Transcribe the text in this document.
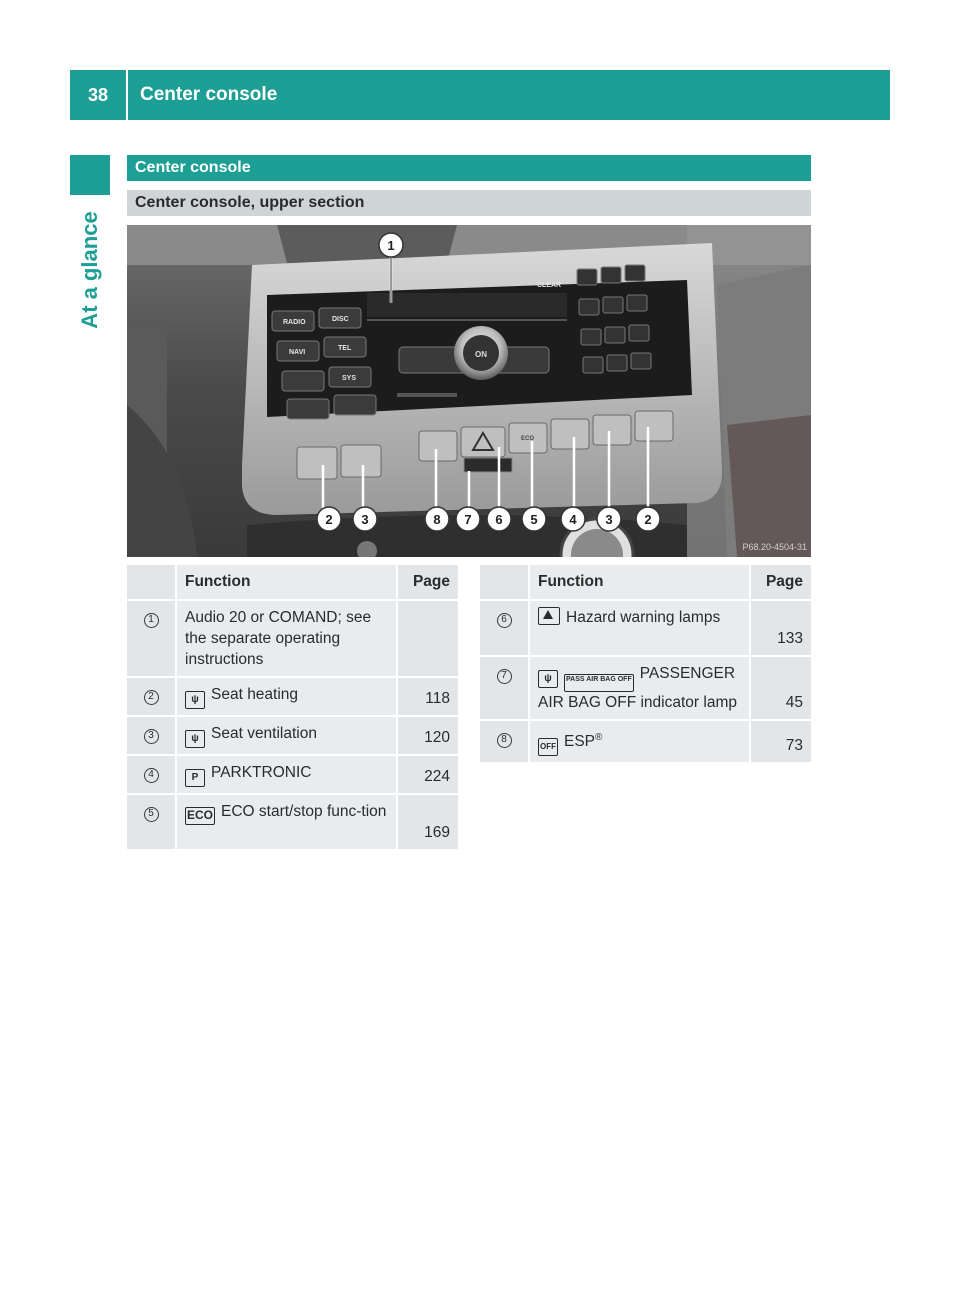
38	Center console
At a glance
Center console
Center console, upper section
RADIO	DISC
NAVI
TEL
SYS
CLEAR
ON
ECO
1
2 3	8 7 6 5 4 3 2
P68.20-4504-31
	Function	Page
1	Audio 20 or COMAND; see the separate operating instructions	
2	ψ Seat heating	118
3	ψ Seat ventilation	120
4	P PARKTRONIC	224
5	ECO ECO start/stop func-tion	169
	Function	Page
6	Hazard warning lamps	133
7	ψ PASS AIR BAG OFF PASSENGER AIR BAG OFF indicator lamp	45
8	OFF ESP®	73
